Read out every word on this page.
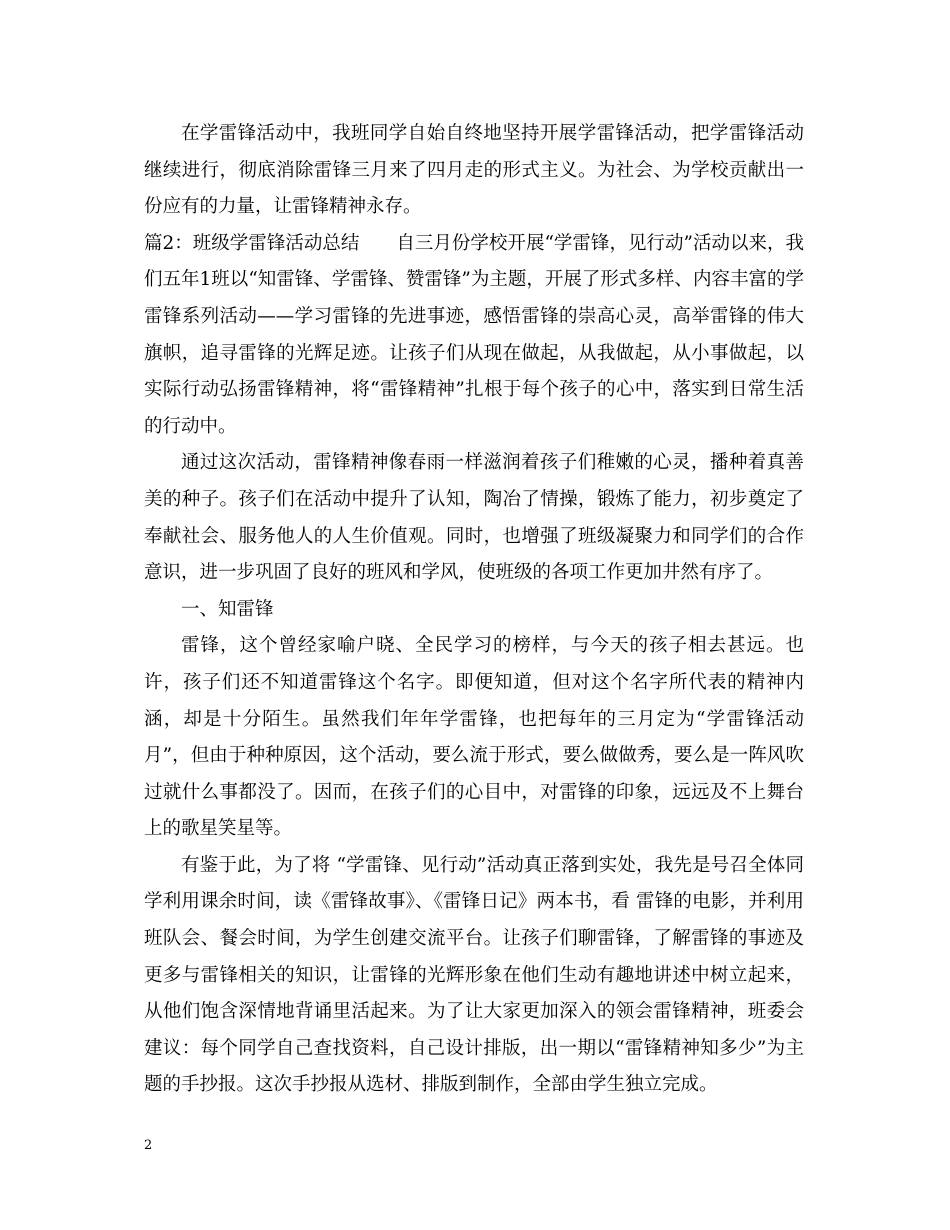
在学雷锋活动中，我班同学自始自终地坚持开展学雷锋活动，把学雷锋活动继续进行，彻底消除雷锋三月来了四月走的形式主义。为社会、为学校贡献出一份应有的力量，让雷锋精神永存。

篇2：班级学雷锋活动总结　　自三月份学校开展“学雷锋，见行动”活动以来，我们五年1班以“知雷锋、学雷锋、赞雷锋”为主题，开展了形式多样、内容丰富的学雷锋系列活动——学习雷锋的先进事迹，感悟雷锋的崇高心灵，高举雷锋的伟大旗帜，追寻雷锋的光辉足迹。让孩子们从现在做起，从我做起，从小事做起，以实际行动弘扬雷锋精神，将“雷锋精神”扎根于每个孩子的心中，落实到日常生活的行动中。

通过这次活动，雷锋精神像春雨一样滋润着孩子们稚嫩的心灵，播种着真善美的种子。孩子们在活动中提升了认知，陶冶了情操，锻炼了能力，初步奠定了奉献社会、服务他人的人生价值观。同时，也增强了班级凝聚力和同学们的合作意识，进一步巩固了良好的班风和学风，使班级的各项工作更加井然有序了。

一、知雷锋

雷锋，这个曾经家喻户晓、全民学习的榜样，与今天的孩子相去甚远。也许，孩子们还不知道雷锋这个名字。即便知道，但对这个名字所代表的精神内涵，却是十分陌生。虽然我们年年学雷锋，也把每年的三月定为“学雷锋活动月”，但由于种种原因，这个活动，要么流于形式，要么做做秀，要么是一阵风吹过就什么事都没了。因而，在孩子们的心目中，对雷锋的印象，远远及不上舞台上的歌星笑星等。

有鉴于此，为了将 “学雷锋、见行动”活动真正落到实处，我先是号召全体同学利用课余时间，读《雷锋故事》、《雷锋日记》两本书，看 雷锋的电影，并利用班队会、餐会时间，为学生创建交流平台。让孩子们聊雷锋，了解雷锋的事迹及更多与雷锋相关的知识，让雷锋的光辉形象在他们生动有趣地讲述中树立起来，从他们饱含深情地背诵里活起来。为了让大家更加深入的领会雷锋精神，班委会建议：每个同学自己查找资料，自己设计排版，出一期以“雷锋精神知多少”为主题的手抄报。这次手抄报从选材、排版到制作，全部由学生独立完成。

2
